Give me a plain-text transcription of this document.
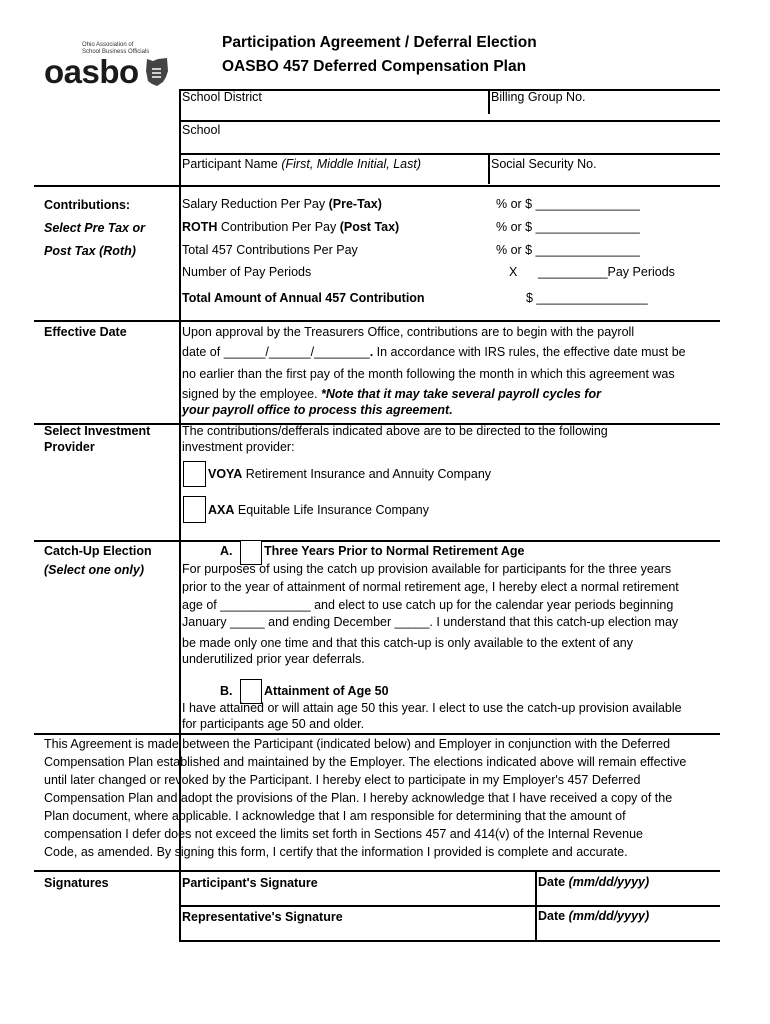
Ohio Association of
School Business Officials
oasbo
Participation Agreement / Deferral Election
OASBO 457 Deferred Compensation Plan
School District	Billing Group No.
School
Participant Name (First, Middle Initial, Last)	Social Security No.
Contributions:
Select Pre Tax or
Post Tax (Roth)
Salary Reduction Per Pay (Pre-Tax)	% or $ _______________
ROTH Contribution Per Pay (Post Tax)	% or $ _______________
Total 457 Contributions Per Pay	% or $ _______________
Number of Pay Periods	X __________Pay Periods
Total Amount of Annual 457 Contribution	$ ________________
Effective Date	Upon approval by the Treasurers Office, contributions are to begin with the payroll
date of ______/______/________. In accordance with IRS rules, the effective date must be
no earlier than the first pay of the month following the month in which this agreement was
signed by the employee. *Note that it may take several payroll cycles for
your payroll office to process this agreement.
Select Investment
Provider
The contributions/defferals indicated above are to be directed to the following
investment provider:
VOYA Retirement Insurance and Annuity Company
AXA Equitable Life Insurance Company
Catch-Up Election
(Select one only)
A.	Three Years Prior to Normal Retirement Age
For purposes of using the catch up provision available for participants for the three years
prior to the year of attainment of normal retirement age, I hereby elect a normal retirement
age of _____________ and elect to use catch up for the calendar year periods beginning
January _____ and ending December _____. I understand that this catch-up election may
be made only one time and that this catch-up is only available to the extent of any
underutilized prior year deferrals.
B.	Attainment of Age 50
I have attained or will attain age 50 this year. I elect to use the catch-up provision available
for participants age 50 and older.
This Agreement is made between the Participant (indicated below) and Employer in conjunction with the Deferred
Compensation Plan established and maintained by the Employer. The elections indicated above will remain effective
until later changed or revoked by the Participant. I hereby elect to participate in my Employer's 457 Deferred
Compensation Plan and adopt the provisions of the Plan. I hereby acknowledge that I have received a copy of the
Plan document, where applicable. I acknowledge that I am responsible for determining that the amount of
compensation I defer does not exceed the limits set forth in Sections 457 and 414(v) of the Internal Revenue
Code, as amended. By signing this form, I certify that the information I provided is complete and accurate.
Signatures	Participant's Signature	Date (mm/dd/yyyy)
Representative's Signature	Date (mm/dd/yyyy)
